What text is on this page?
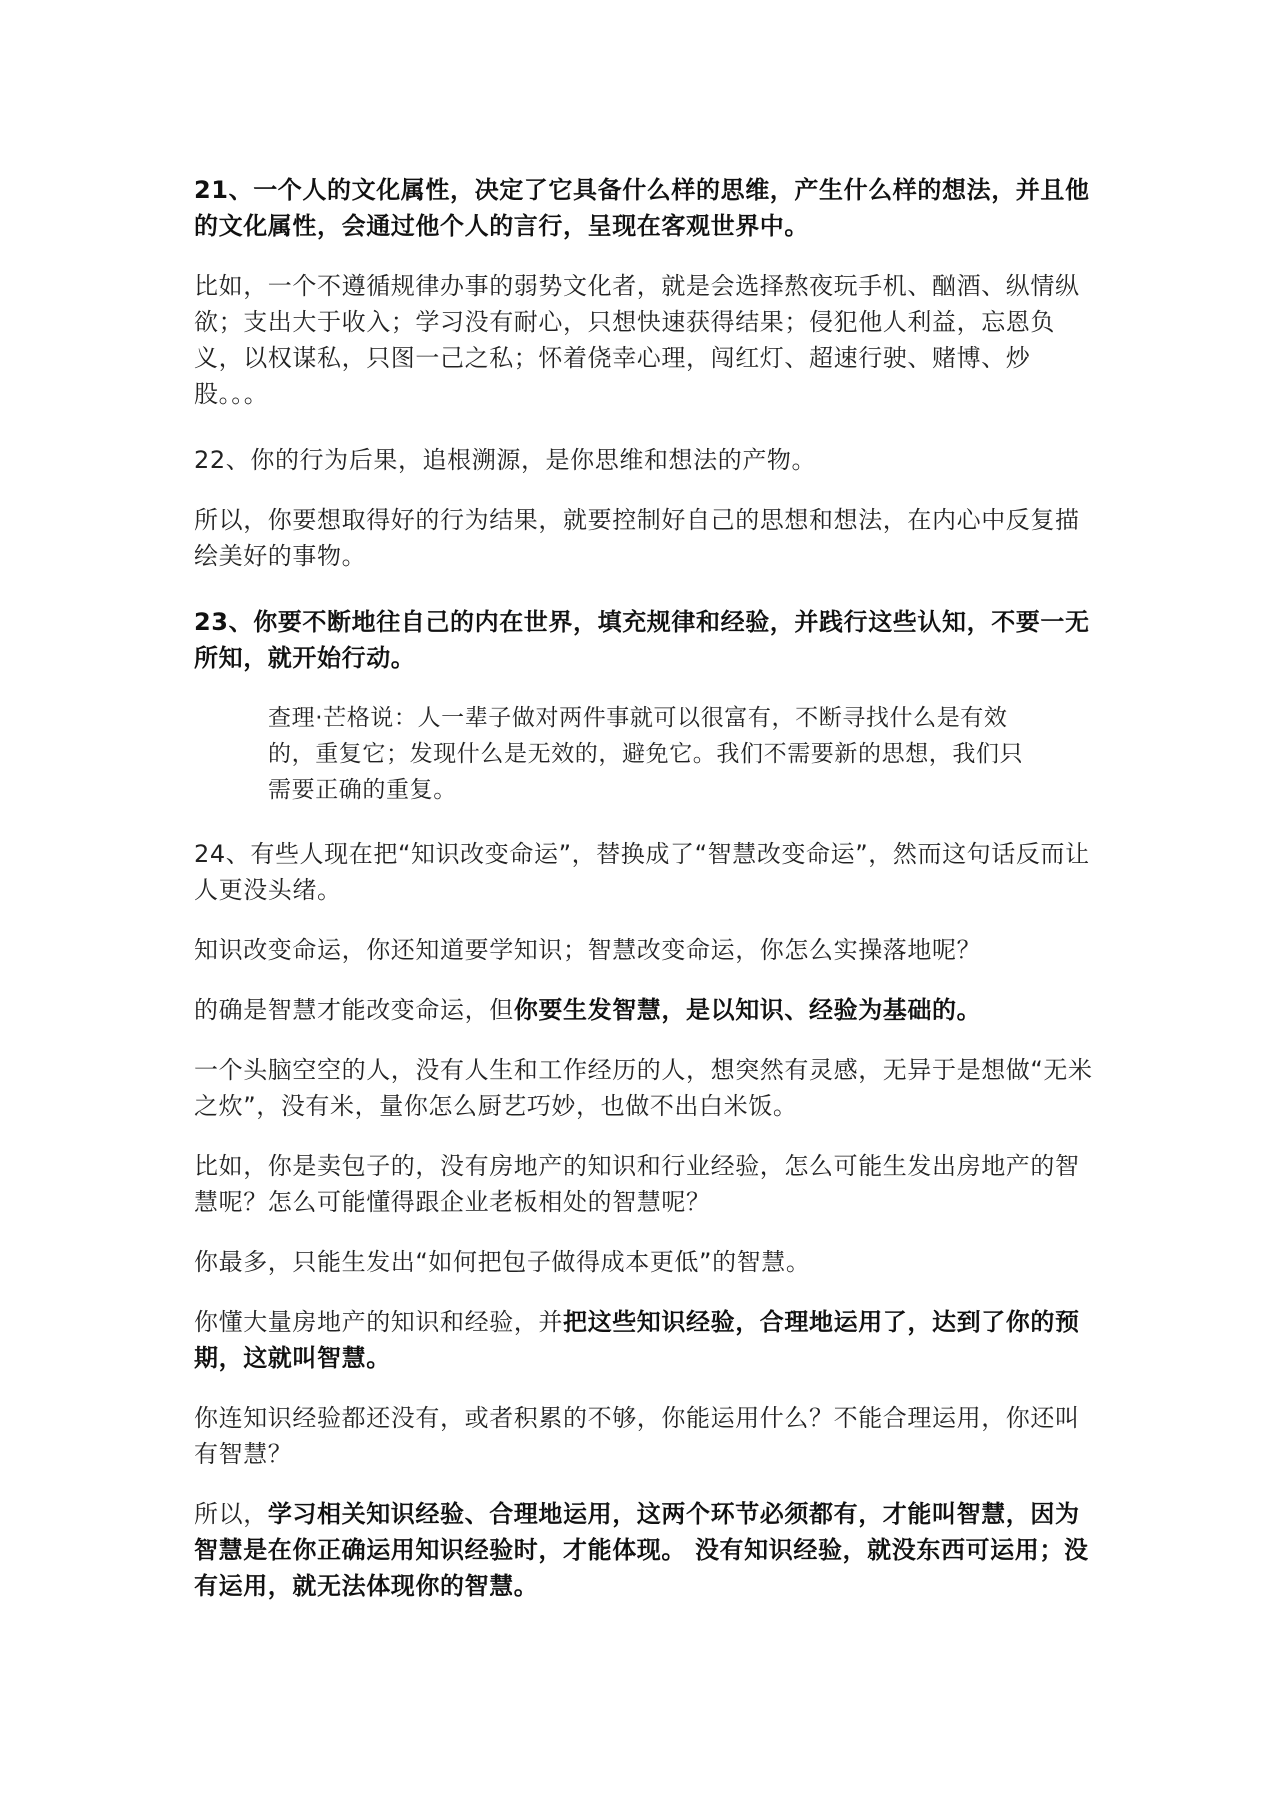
21、一个人的文化属性，决定了它具备什么样的思维，产生什么样的想法，并且他的文化属性，会通过他个人的言行，呈现在客观世界中。

比如，一个不遵循规律办事的弱势文化者，就是会选择熬夜玩手机、酗酒、纵情纵欲；支出大于收入；学习没有耐心，只想快速获得结果；侵犯他人利益，忘恩负义，以权谋私，只图一己之私；怀着侥幸心理，闯红灯、超速行驶、赌博、炒股。。。

22、你的行为后果，追根溯源，是你思维和想法的产物。

所以，你要想取得好的行为结果，就要控制好自己的思想和想法，在内心中反复描绘美好的事物。

23、你要不断地往自己的内在世界，填充规律和经验，并践行这些认知，不要一无所知，就开始行动。

查理·芒格说：人一辈子做对两件事就可以很富有，不断寻找什么是有效的，重复它；发现什么是无效的，避免它。我们不需要新的思想，我们只需要正确的重复。

24、有些人现在把“知识改变命运”，替换成了“智慧改变命运”，然而这句话反而让人更没头绪。

知识改变命运，你还知道要学知识；智慧改变命运，你怎么实操落地呢？

的确是智慧才能改变命运，但你要生发智慧，是以知识、经验为基础的。

一个头脑空空的人，没有人生和工作经历的人，想突然有灵感，无异于是想做“无米之炊”，没有米，量你怎么厨艺巧妙，也做不出白米饭。

比如，你是卖包子的，没有房地产的知识和行业经验，怎么可能生发出房地产的智慧呢？怎么可能懂得跟企业老板相处的智慧呢？

你最多，只能生发出“如何把包子做得成本更低”的智慧。

你懂大量房地产的知识和经验，并把这些知识经验，合理地运用了，达到了你的预期，这就叫智慧。

你连知识经验都还没有，或者积累的不够，你能运用什么？不能合理运用，你还叫有智慧？

所以，学习相关知识经验、合理地运用，这两个环节必须都有，才能叫智慧，因为智慧是在你正确运用知识经验时，才能体现。 没有知识经验，就没东西可运用；没有运用，就无法体现你的智慧。
